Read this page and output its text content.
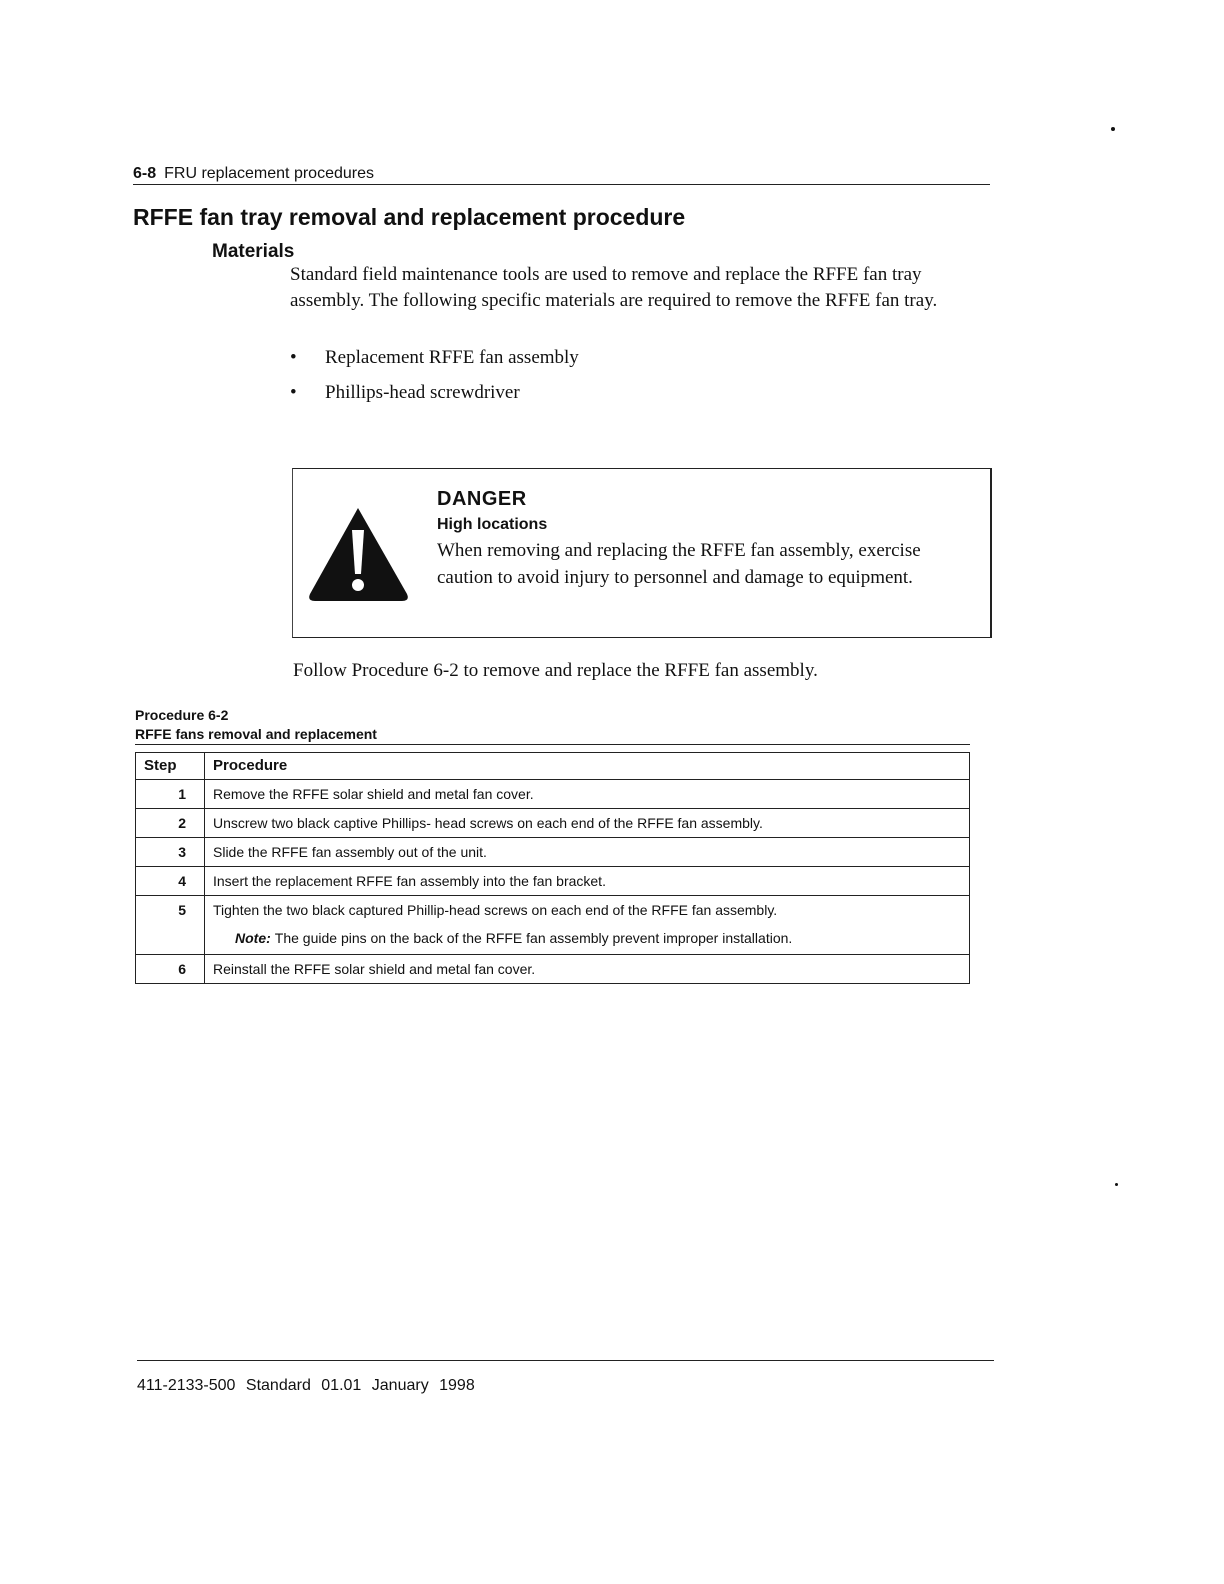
6-8 FRU replacement procedures
RFFE fan tray removal and replacement procedure
Materials

Standard field maintenance tools are used to remove and replace the RFFE fan tray assembly. The following specific materials are required to remove the RFFE fan tray.

• Replacement RFFE fan assembly
• Phillips-head screwdriver
DANGER
High locations

When removing and replacing the RFFE fan assembly, exercise caution to avoid injury to personnel and damage to equipment.

Follow Procedure 6-2 to remove and replace the RFFE fan assembly.

Procedure 6-2
RFFE fans removal and replacement
Step	Procedure
1	Remove the RFFE solar shield and metal fan cover.
2	Unscrew two black captive Phillips- head screws on each end of the RFFE fan assembly.
3	Slide the RFFE fan assembly out of the unit.
4	Insert the replacement RFFE fan assembly into the fan bracket.
5	Tighten the two black captured Phillip-head screws on each end of the RFFE fan assembly.
Note: The guide pins on the back of the RFFE fan assembly prevent improper installation.

6	Reinstall the RFFE solar shield and metal fan cover.
411-2133-500 Standard 01.01 January 1998
